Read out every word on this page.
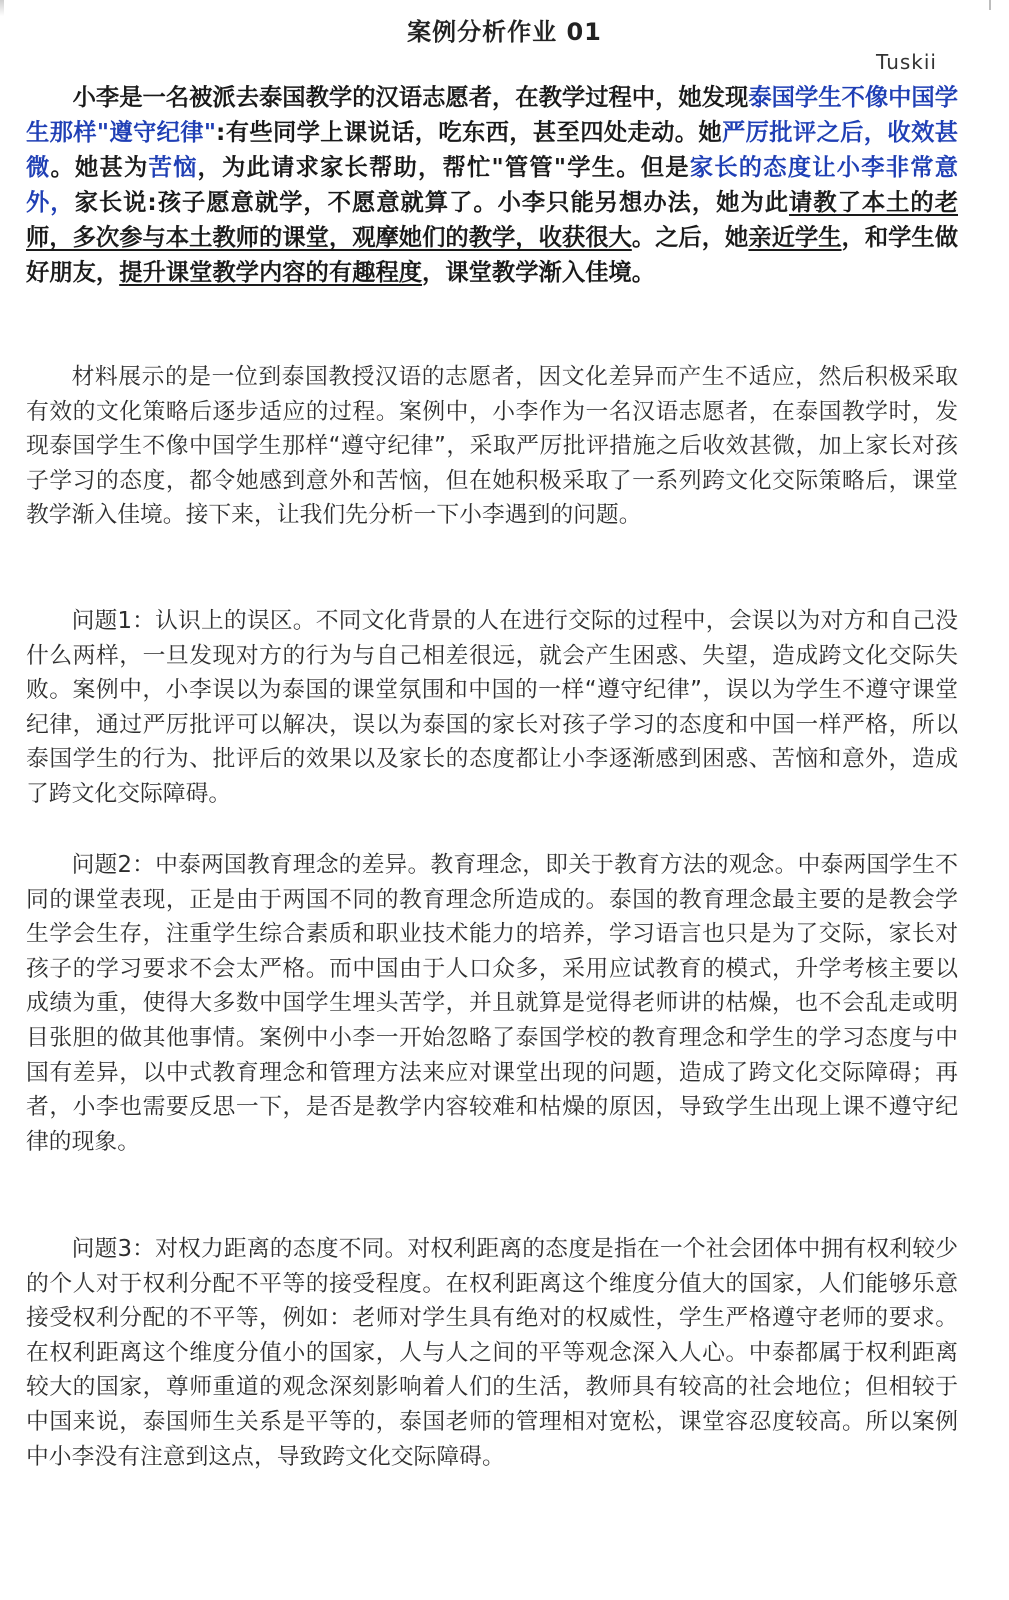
案例分析作业 01

Tuskii

小李是一名被派去泰国教学的汉语志愿者，在教学过程中，她发现泰国学生不像中国学生那样"遵守纪律":有些同学上课说话，吃东西，甚至四处走动。她严厉批评之后，收效甚微。她甚为苦恼，为此请求家长帮助，帮忙"管管"学生。但是家长的态度让小李非常意外，家长说:孩子愿意就学，不愿意就算了。小李只能另想办法，她为此请教了本土的老师，多次参与本土教师的课堂，观摩她们的教学，收获很大。之后，她亲近学生，和学生做好朋友，提升课堂教学内容的有趣程度，课堂教学渐入佳境。

材料展示的是一位到泰国教授汉语的志愿者，因文化差异而产生不适应，然后积极采取有效的文化策略后逐步适应的过程。案例中，小李作为一名汉语志愿者，在泰国教学时，发现泰国学生不像中国学生那样“遵守纪律”，采取严厉批评措施之后收效甚微，加上家长对孩子学习的态度，都令她感到意外和苦恼，但在她积极采取了一系列跨文化交际策略后，课堂教学渐入佳境。接下来，让我们先分析一下小李遇到的问题。

问题1：认识上的误区。不同文化背景的人在进行交际的过程中，会误以为对方和自己没什么两样，一旦发现对方的行为与自己相差很远，就会产生困惑、失望，造成跨文化交际失败。案例中，小李误以为泰国的课堂氛围和中国的一样“遵守纪律”，误以为学生不遵守课堂纪律，通过严厉批评可以解决，误以为泰国的家长对孩子学习的态度和中国一样严格，所以泰国学生的行为、批评后的效果以及家长的态度都让小李逐渐感到困惑、苦恼和意外，造成了跨文化交际障碍。

问题2：中泰两国教育理念的差异。教育理念，即关于教育方法的观念。中泰两国学生不同的课堂表现，正是由于两国不同的教育理念所造成的。泰国的教育理念最主要的是教会学生学会生存，注重学生综合素质和职业技术能力的培养，学习语言也只是为了交际，家长对孩子的学习要求不会太严格。而中国由于人口众多，采用应试教育的模式，升学考核主要以成绩为重，使得大多数中国学生埋头苦学，并且就算是觉得老师讲的枯燥，也不会乱走或明目张胆的做其他事情。案例中小李一开始忽略了泰国学校的教育理念和学生的学习态度与中国有差异，以中式教育理念和管理方法来应对课堂出现的问题，造成了跨文化交际障碍；再者，小李也需要反思一下，是否是教学内容较难和枯燥的原因，导致学生出现上课不遵守纪律的现象。

问题3：对权力距离的态度不同。对权利距离的态度是指在一个社会团体中拥有权利较少的个人对于权利分配不平等的接受程度。在权利距离这个维度分值大的国家，人们能够乐意接受权利分配的不平等，例如：老师对学生具有绝对的权威性，学生严格遵守老师的要求。在权利距离这个维度分值小的国家，人与人之间的平等观念深入人心。中泰都属于权利距离较大的国家，尊师重道的观念深刻影响着人们的生活，教师具有较高的社会地位；但相较于中国来说，泰国师生关系是平等的，泰国老师的管理相对宽松，课堂容忍度较高。所以案例中小李没有注意到这点，导致跨文化交际障碍。
